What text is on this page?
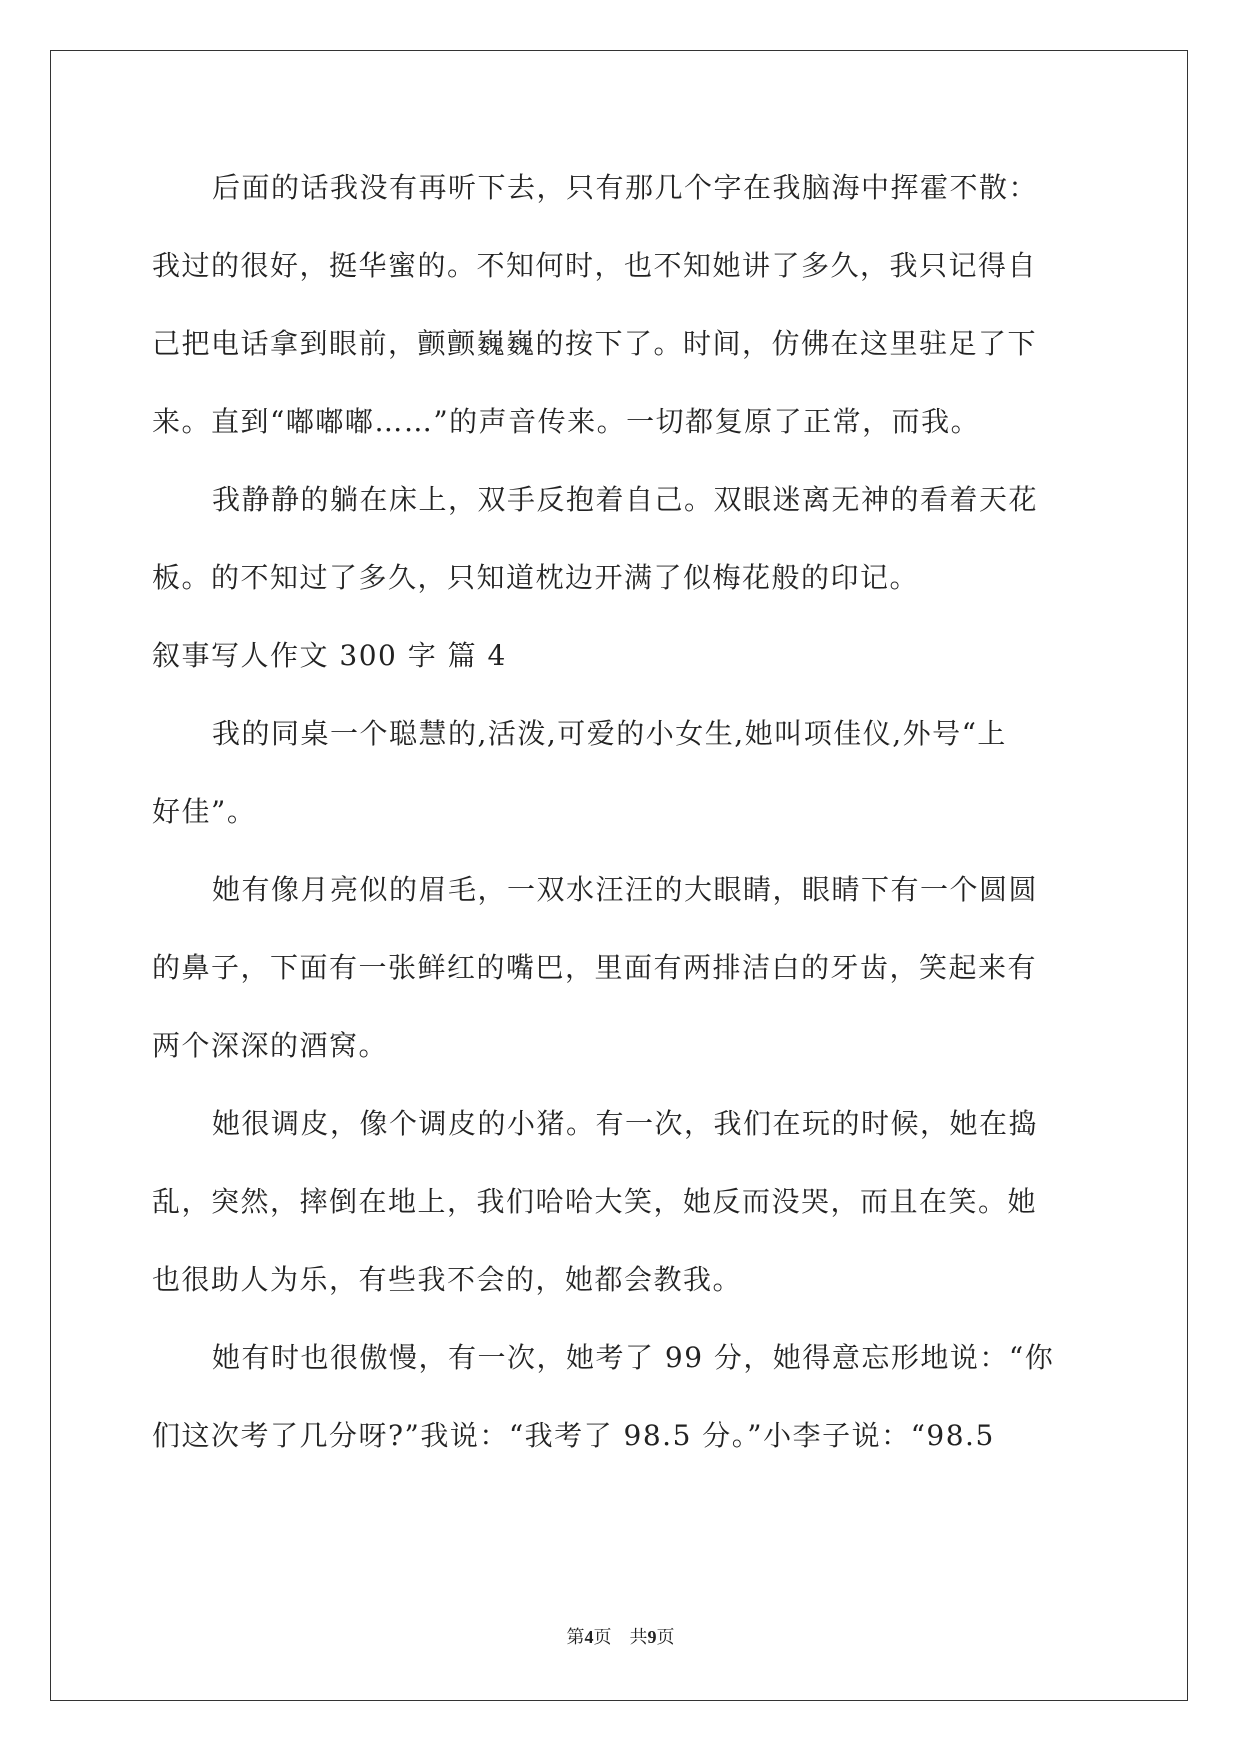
后面的话我没有再听下去，只有那几个字在我脑海中挥霍不散：
我过的很好，挺华蜜的。不知何时，也不知她讲了多久，我只记得自
己把电话拿到眼前，颤颤巍巍的按下了。时间，仿佛在这里驻足了下
来。直到“嘟嘟嘟……”的声音传来。一切都复原了正常，而我。
我静静的躺在床上，双手反抱着自己。双眼迷离无神的看着天花
板。的不知过了多久，只知道枕边开满了似梅花般的印记。
叙事写人作文 300 字 篇 4
我的同桌一个聪慧的,活泼,可爱的小女生,她叫项佳仪,外号“上
好佳”。
她有像月亮似的眉毛，一双水汪汪的大眼睛，眼睛下有一个圆圆
的鼻子，下面有一张鲜红的嘴巴，里面有两排洁白的牙齿，笑起来有
两个深深的酒窝。
她很调皮，像个调皮的小猪。有一次，我们在玩的时候，她在捣
乱，突然，摔倒在地上，我们哈哈大笑，她反而没哭，而且在笑。她
也很助人为乐，有些我不会的，她都会教我。
她有时也很傲慢，有一次，她考了 99 分，她得意忘形地说：“你
们这次考了几分呀?”我说：“我考了 98.5 分。”小李子说：“98.5
第4页　共9页
